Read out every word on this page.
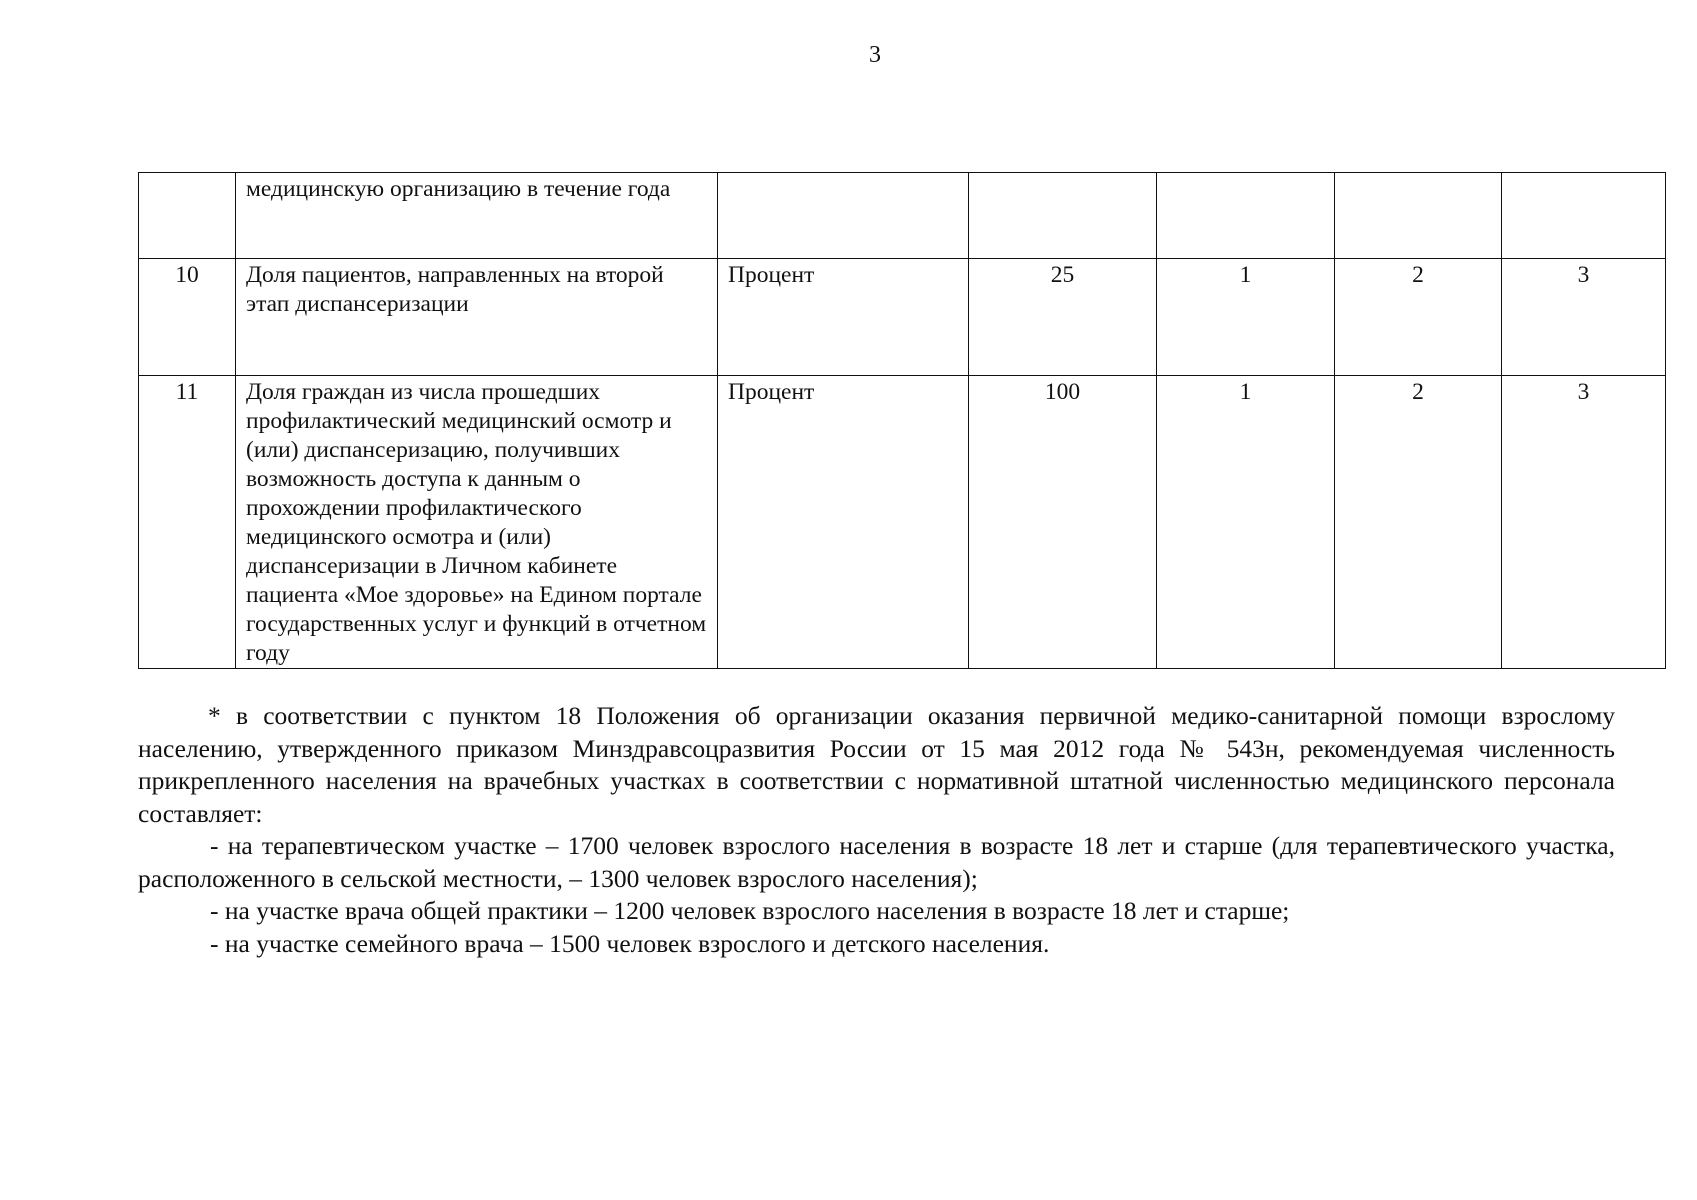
3
	медицинскую организацию в течение года					
10	Доля пациентов, направленных на второй этап диспансеризации	Процент	25	1	2	3
11	Доля граждан из числа прошедших профилактический медицинский осмотр и (или) диспансеризацию, получивших возможность доступа к данным о прохождении профилактического медицинского осмотра и (или) диспансеризации в Личном кабинете пациента «Мое здоровье» на Едином портале государственных услуг и функций в отчетном году	Процент	100	1	2	3

* в соответствии с пунктом 18 Положения об организации оказания первичной медико-санитарной помощи взрослому населению, утвержденного приказом Минздравсоцразвития России от 15 мая 2012 года № 543н, рекомендуемая численность прикрепленного населения на врачебных участках в соответствии с нормативной штатной численностью медицинского персонала составляет:

- на терапевтическом участке – 1700 человек взрослого населения в возрасте 18 лет и старше (для терапевтического участка, расположенного в сельской местности, – 1300 человек взрослого населения);

- на участке врача общей практики – 1200 человек взрослого населения в возрасте 18 лет и старше;

- на участке семейного врача – 1500 человек взрослого и детского населения.
